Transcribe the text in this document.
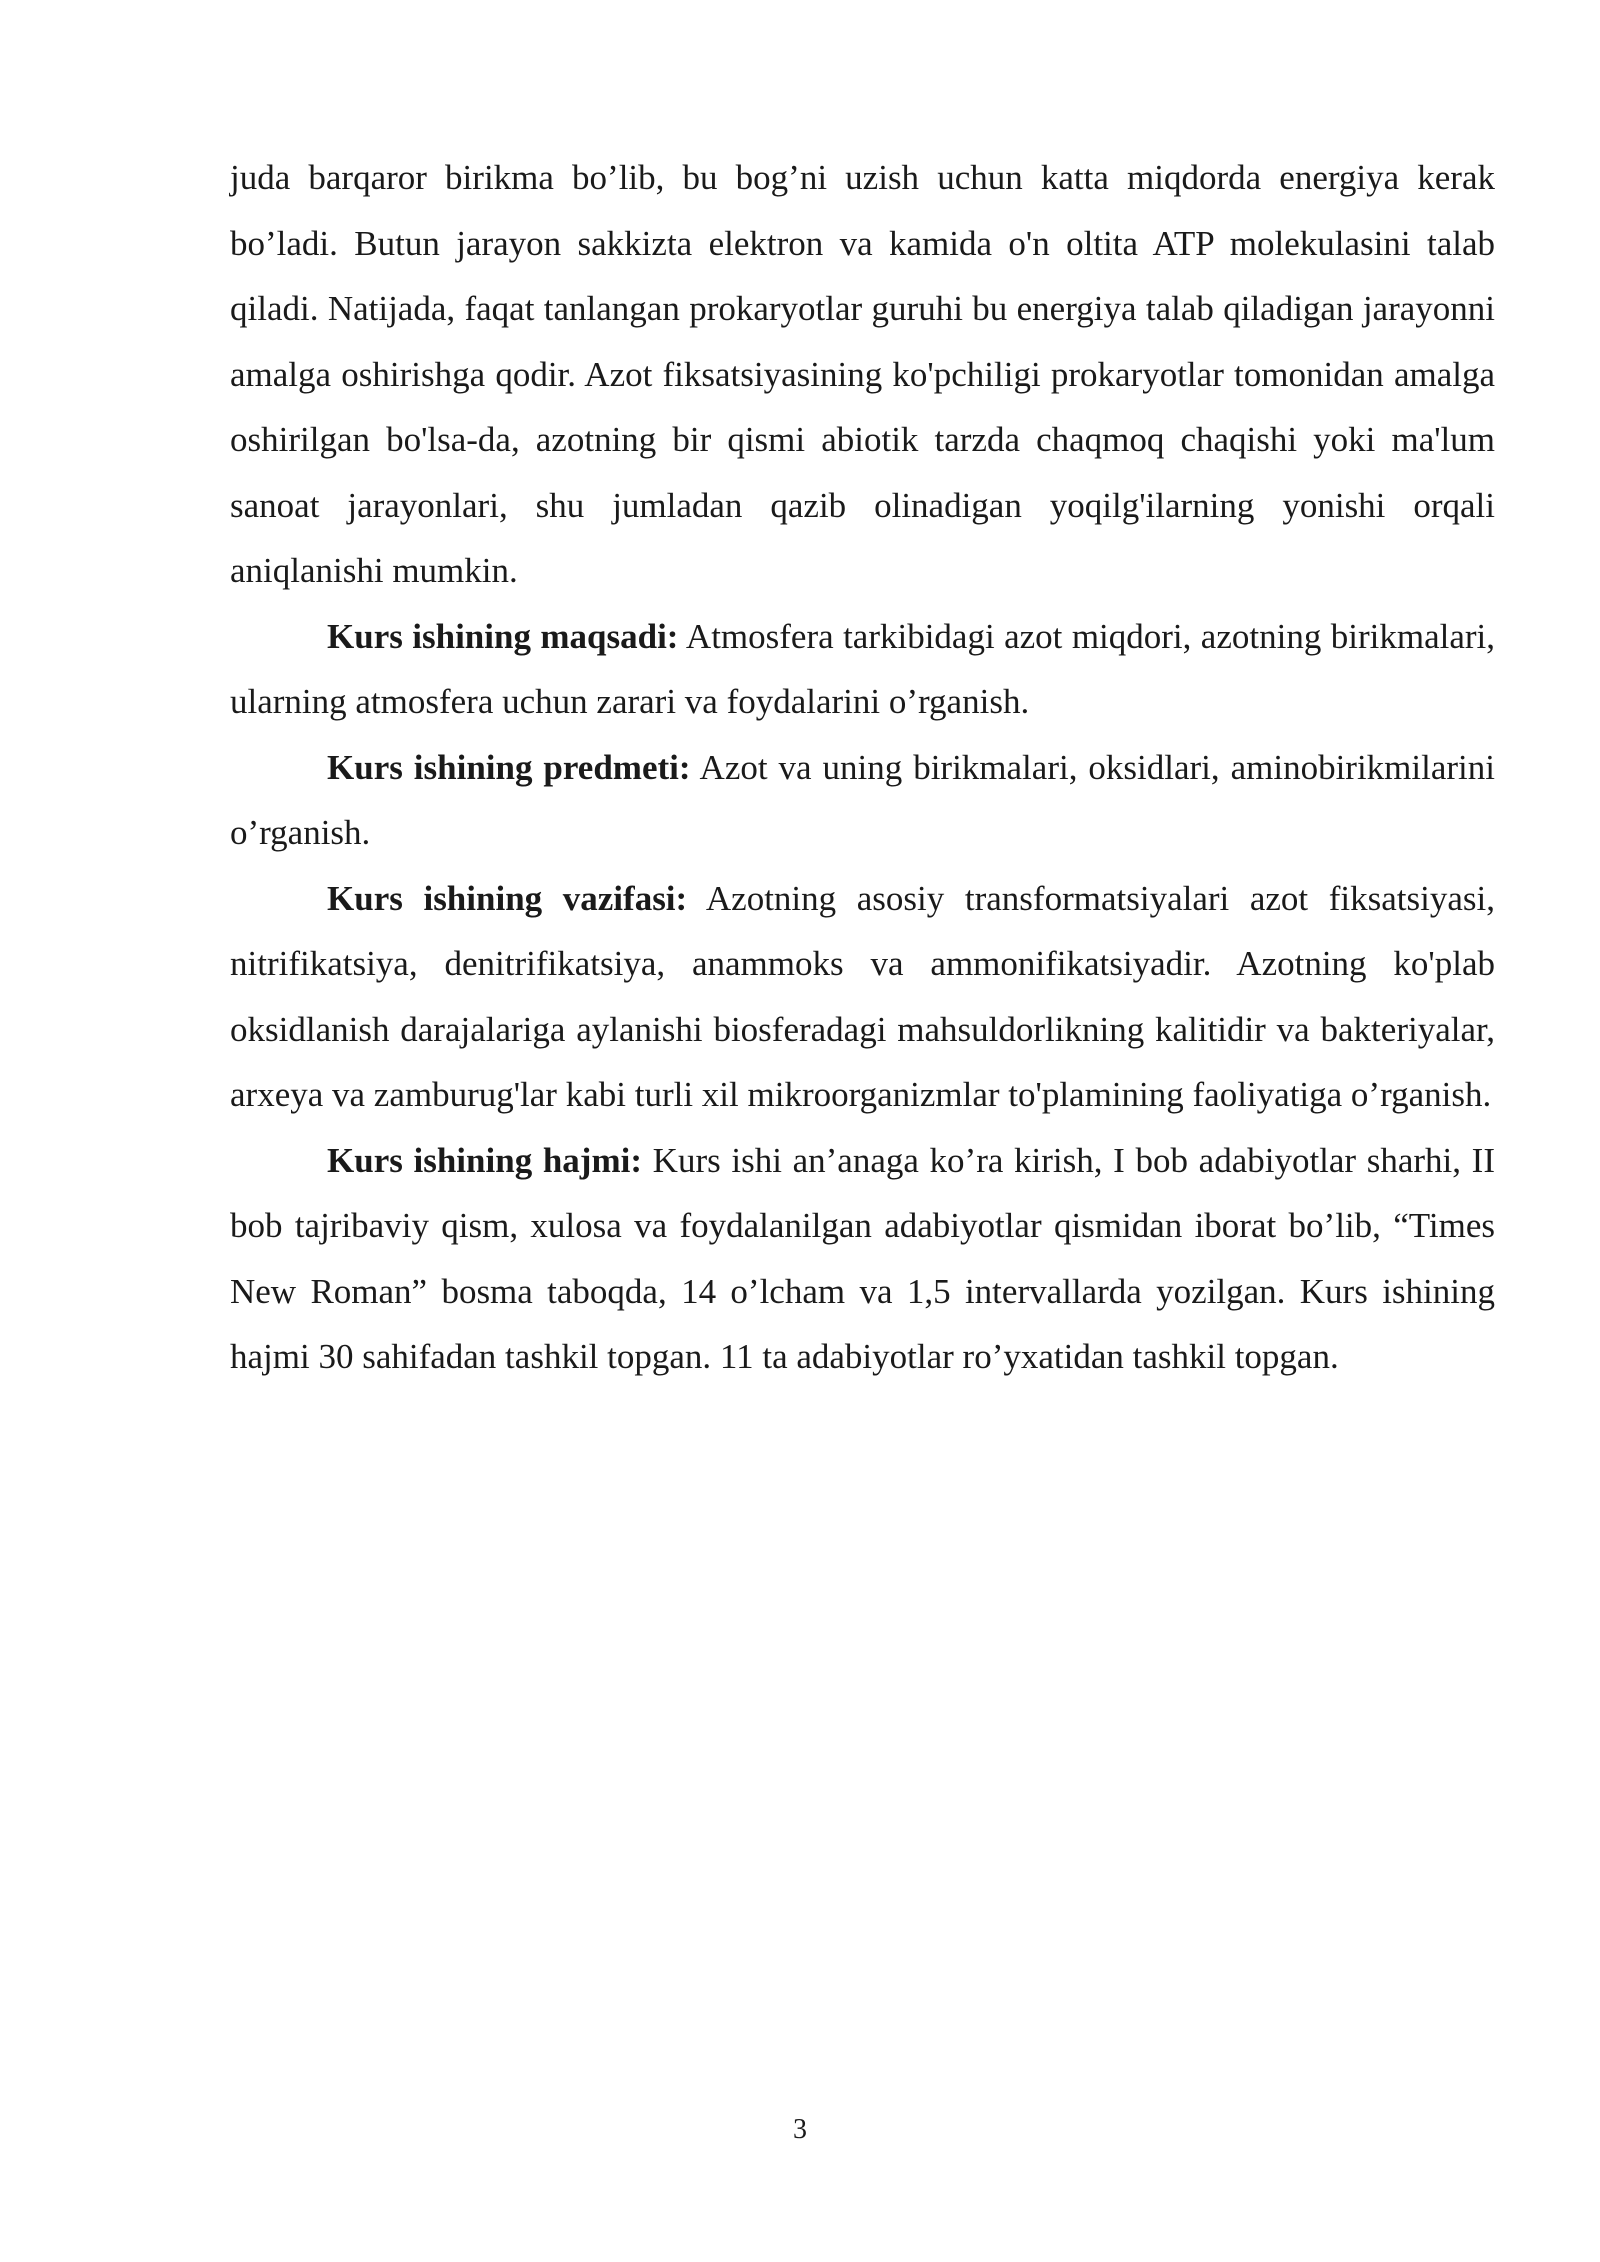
juda barqaror birikma bo’lib, bu bog’ni uzish uchun katta miqdorda energiya kerak bo’ladi. Butun jarayon sakkizta elektron va kamida o'n oltita ATP molekulasini talab qiladi. Natijada, faqat tanlangan prokaryotlar guruhi bu energiya talab qiladigan jarayonni amalga oshirishga qodir. Azot fiksatsiyasining ko'pchiligi prokaryotlar tomonidan amalga oshirilgan bo'lsa-da, azotning bir qismi abiotik tarzda chaqmoq chaqishi yoki ma'lum sanoat jarayonlari, shu jumladan qazib olinadigan yoqilg'ilarning yonishi orqali aniqlanishi mumkin.

Kurs ishining maqsadi: Atmosfera tarkibidagi azot miqdori, azotning birikmalari, ularning atmosfera uchun zarari va foydalarini o’rganish.

Kurs ishining predmeti: Azot va uning birikmalari, oksidlari, aminobirikmilarini o’rganish.

Kurs ishining vazifasi: Azotning asosiy transformatsiyalari azot fiksatsiyasi, nitrifikatsiya, denitrifikatsiya, anammoks va ammonifikatsiyadir. Azotning ko'plab oksidlanish darajalariga aylanishi biosferadagi mahsuldorlikning kalitidir va bakteriyalar, arxeya va zamburug'lar kabi turli xil mikroorganizmlar to'plamining faoliyatiga o’rganish.

Kurs ishining hajmi: Kurs ishi an’anaga ko’ra kirish, I bob adabiyotlar sharhi, II bob tajribaviy qism, xulosa va foydalanilgan adabiyotlar qismidan iborat bo’lib, “Times New Roman” bosma taboqda, 14 o’lcham va 1,5 intervallarda yozilgan. Kurs ishining hajmi 30 sahifadan tashkil topgan. 11 ta adabiyotlar ro’yxatidan tashkil topgan.

3
